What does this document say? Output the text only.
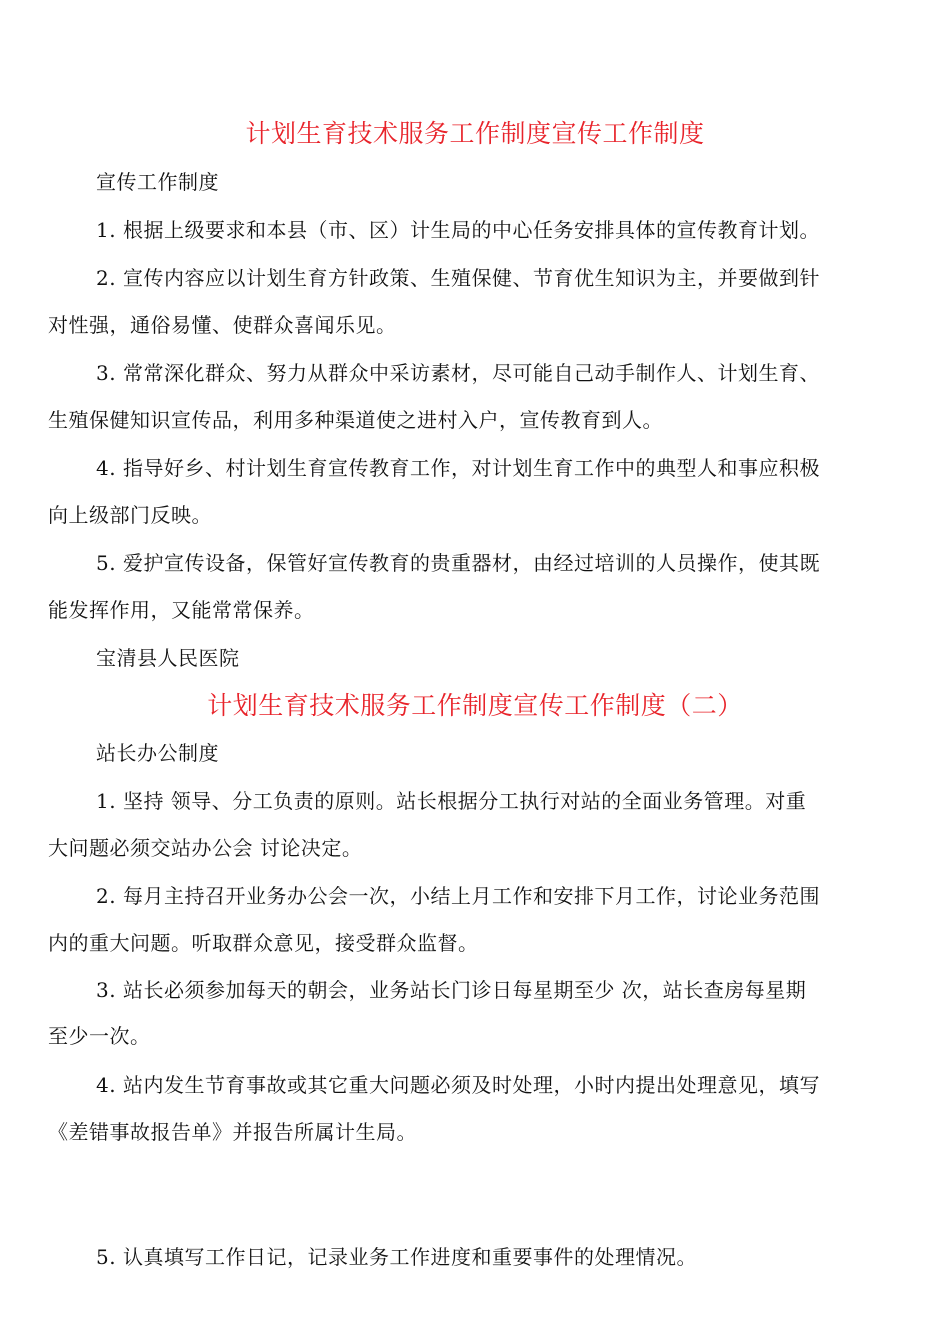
计划生育技术服务工作制度宣传工作制度
宣传工作制度
1. 根据上级要求和本县（市、区）计生局的中心任务安排具体的宣传教育计划。
2. 宣传内容应以计划生育方针政策、生殖保健、节育优生知识为主，并要做到针
对性强，通俗易懂、使群众喜闻乐见。
3. 常常深化群众、努力从群众中采访素材，尽可能自己动手制作人、计划生育、
生殖保健知识宣传品，利用多种渠道使之进村入户，宣传教育到人。
4. 指导好乡、村计划生育宣传教育工作，对计划生育工作中的典型人和事应积极
向上级部门反映。
5. 爱护宣传设备，保管好宣传教育的贵重器材，由经过培训的人员操作，使其既
能发挥作用，又能常常保养。
宝清县人民医院
计划生育技术服务工作制度宣传工作制度（二）
站长办公制度
1. 坚持 领导、分工负责的原则。站长根据分工执行对站的全面业务管理。对重
大问题必须交站办公会 讨论决定。
2. 每月主持召开业务办公会一次，小结上月工作和安排下月工作，讨论业务范围
内的重大问题。听取群众意见，接受群众监督。
3. 站长必须参加每天的朝会，业务站长门诊日每星期至少 次，站长查房每星期
至少一次。
4. 站内发生节育事故或其它重大问题必须及时处理，小时内提出处理意见，填写
《差错事故报告单》并报告所属计生局。
5. 认真填写工作日记，记录业务工作进度和重要事件的处理情况。
